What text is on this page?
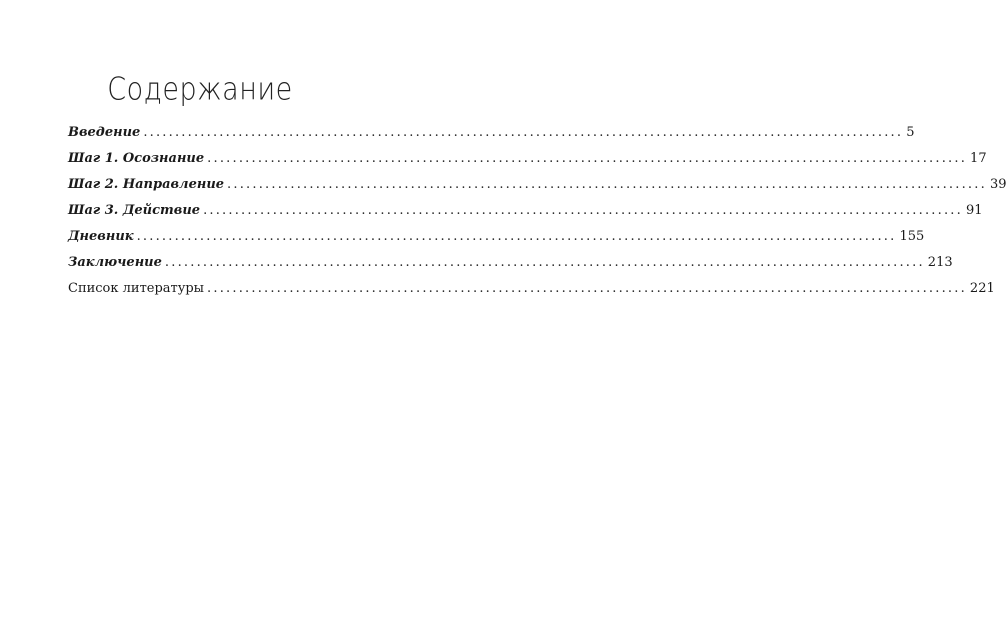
Содержание
Введение ........................................................................................................................ 5
Шаг 1. Осознание ........................................................................................................................ 17
Шаг 2. Направление ........................................................................................................................ 39
Шаг 3. Действие ........................................................................................................................ 91
Дневник ........................................................................................................................ 155
Заключение ........................................................................................................................ 213
Список литературы ........................................................................................................................ 221
